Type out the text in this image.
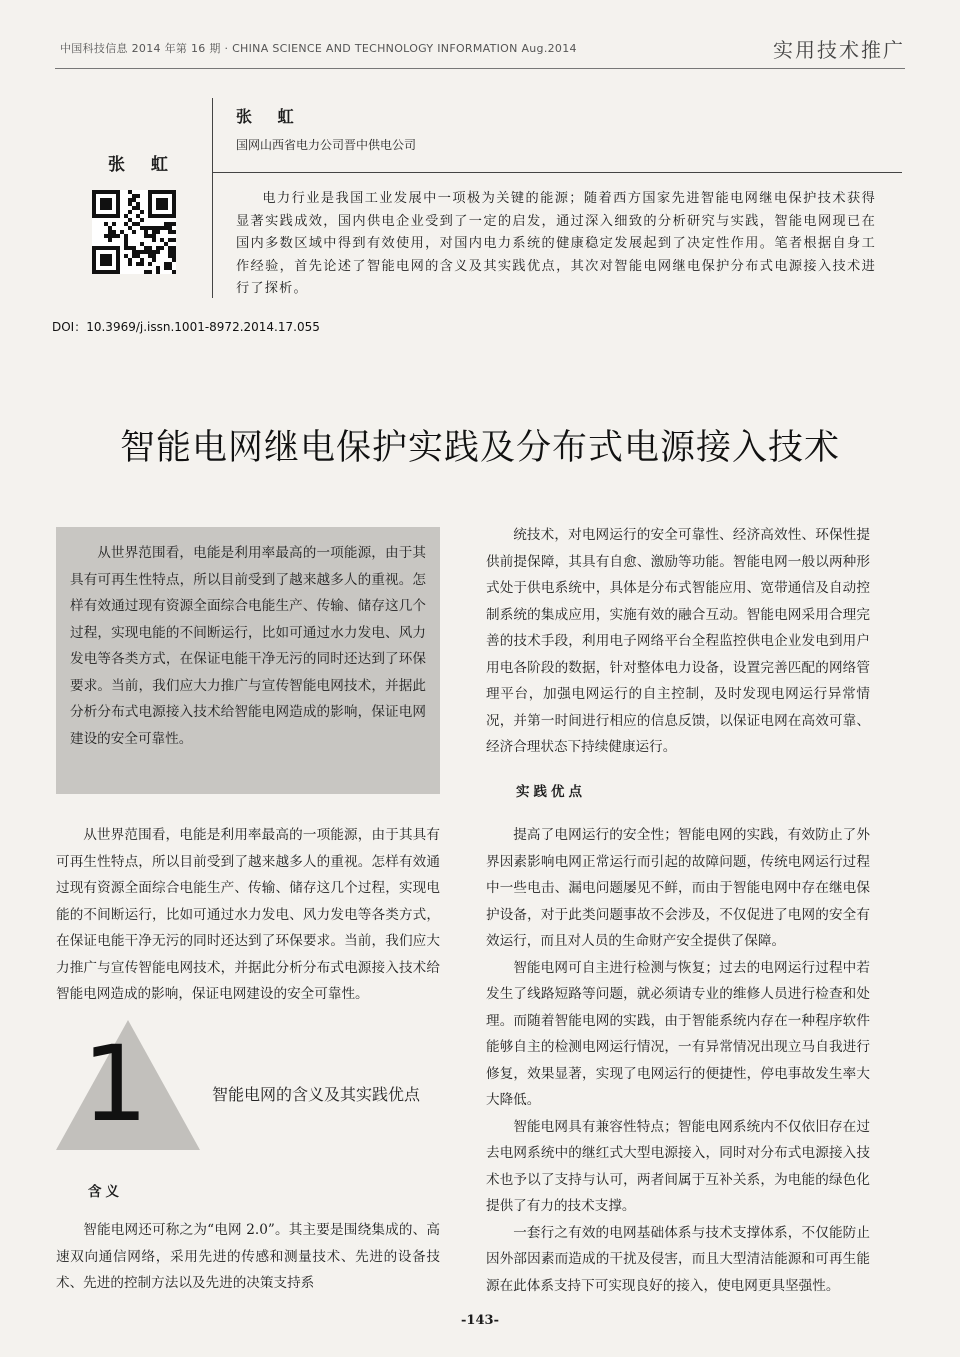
中国科技信息 2014 年第 16 期 · CHINA SCIENCE AND TECHNOLOGY INFORMATION Aug.2014	实用技术推广
张 虹
张 虹
国网山西省电力公司晋中供电公司
电力行业是我国工业发展中一项极为关键的能源；随着西方国家先进智能电网继电保护技术获得显著实践成效，国内供电企业受到了一定的启发，通过深入细致的分析研究与实践，智能电网现已在国内多数区域中得到有效使用，对国内电力系统的健康稳定发展起到了决定性作用。笔者根据自身工作经验，首先论述了智能电网的含义及其实践优点，其次对智能电网继电保护分布式电源接入技术进行了探析。
DOI：10.3969/j.issn.1001-8972.2014.17.055
智能电网继电保护实践及分布式电源接入技术
从世界范围看，电能是利用率最高的一项能源，由于其具有可再生性特点，所以目前受到了越来越多人的重视。怎样有效通过现有资源全面综合电能生产、传输、储存这几个过程，实现电能的不间断运行，比如可通过水力发电、风力发电等各类方式，在保证电能干净无污的同时还达到了环保要求。当前，我们应大力推广与宣传智能电网技术，并据此分析分布式电源接入技术给智能电网造成的影响，保证电网建设的安全可靠性。
从世界范围看，电能是利用率最高的一项能源，由于其具有可再生性特点，所以目前受到了越来越多人的重视。怎样有效通过现有资源全面综合电能生产、传输、储存这几个过程，实现电能的不间断运行，比如可通过水力发电、风力发电等各类方式，在保证电能干净无污的同时还达到了环保要求。当前，我们应大力推广与宣传智能电网技术，并据此分析分布式电源接入技术给智能电网造成的影响，保证电网建设的安全可靠性。
1	智能电网的含义及其实践优点
含义
智能电网还可称之为“电网 2.0”。其主要是围绕集成的、高速双向通信网络，采用先进的传感和测量技术、先进的设备技术、先进的控制方法以及先进的决策支持系
统技术，对电网运行的安全可靠性、经济高效性、环保性提供前提保障，其具有自愈、激励等功能。智能电网一般以两种形式处于供电系统中，具体是分布式智能应用、宽带通信及自动控制系统的集成应用，实施有效的融合互动。智能电网采用合理完善的技术手段，利用电子网络平台全程监控供电企业发电到用户用电各阶段的数据，针对整体电力设备，设置完善匹配的网络管理平台，加强电网运行的自主控制，及时发现电网运行异常情况，并第一时间进行相应的信息反馈，以保证电网在高效可靠、经济合理状态下持续健康运行。
实践优点

提高了电网运行的安全性；智能电网的实践，有效防止了外界因素影响电网正常运行而引起的故障问题，传统电网运行过程中一些电击、漏电问题屡见不鲜，而由于智能电网中存在继电保护设备，对于此类问题事故不会涉及，不仅促进了电网的安全有效运行，而且对人员的生命财产安全提供了保障。

智能电网可自主进行检测与恢复；过去的电网运行过程中若发生了线路短路等问题，就必须请专业的维修人员进行检查和处理。而随着智能电网的实践，由于智能系统内存在一种程序软件能够自主的检测电网运行情况，一有异常情况出现立马自我进行修复，效果显著，实现了电网运行的便捷性，停电事故发生率大大降低。

智能电网具有兼容性特点；智能电网系统内不仅依旧存在过去电网系统中的继红式大型电源接入，同时对分布式电源接入技术也予以了支持与认可，两者间属于互补关系，为电能的绿色化提供了有力的技术支撑。

一套行之有效的电网基础体系与技术支撑体系，不仅能防止因外部因素而造成的干扰及侵害，而且大型清洁能源和可再生能源在此体系支持下可实现良好的接入，使电网更具坚强性。

-143-
